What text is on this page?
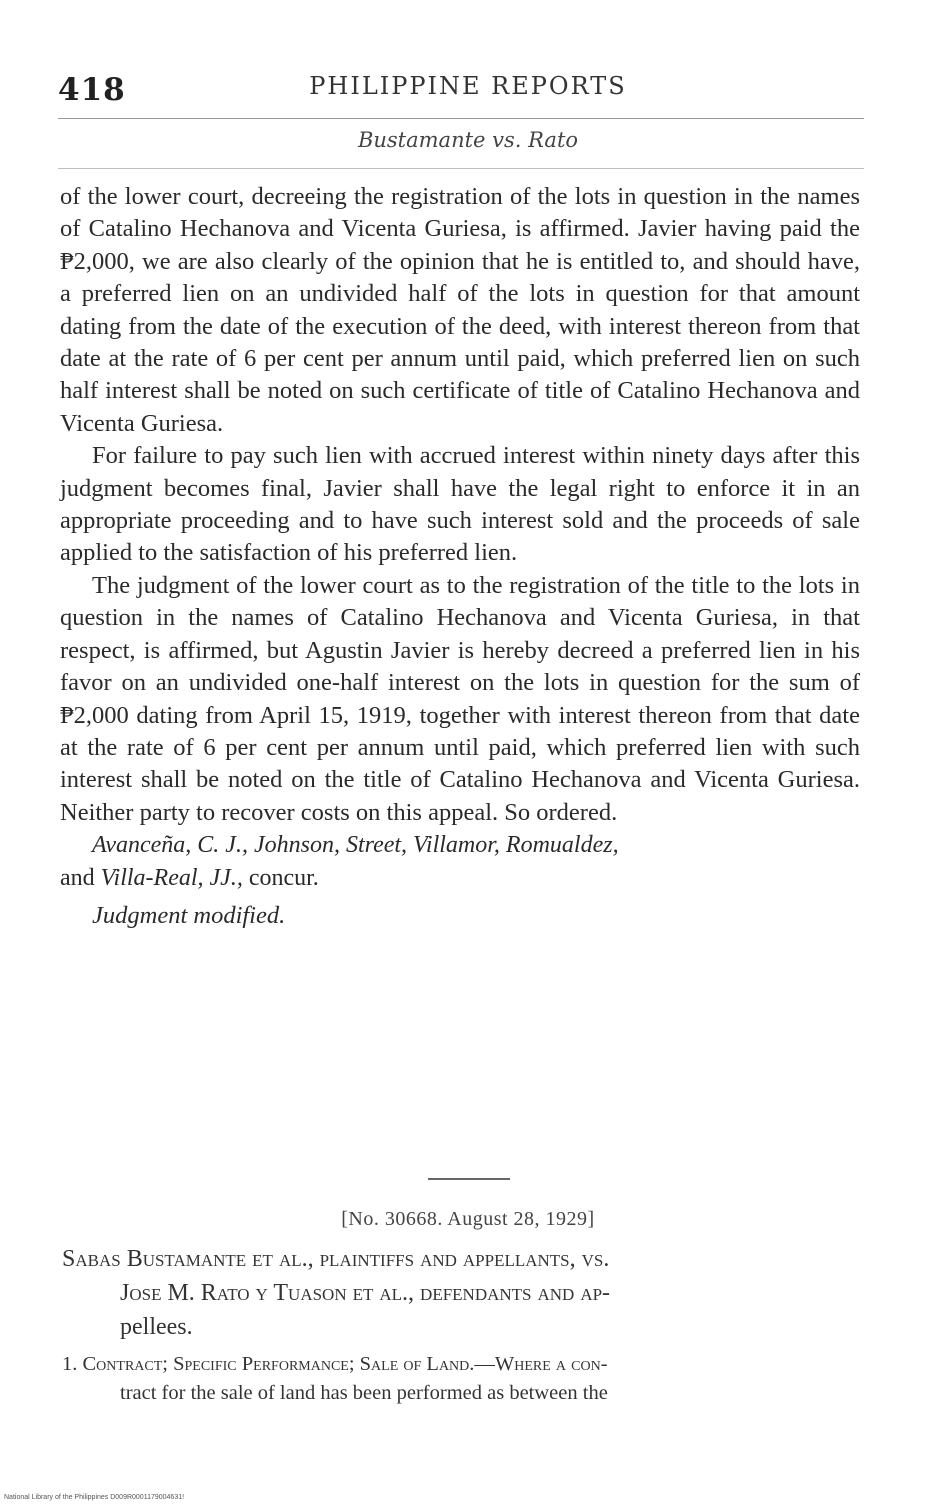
418	PHILIPPINE REPORTS
Bustamante vs. Rato

of the lower court, decreeing the registration of the lots in question in the names of Catalino Hechanova and Vicenta Guriesa, is affirmed. Javier having paid the ₱2,000, we are also clearly of the opinion that he is entitled to, and should have, a preferred lien on an undivided half of the lots in question for that amount dating from the date of the execution of the deed, with interest thereon from that date at the rate of 6 per cent per annum until paid, which preferred lien on such half interest shall be noted on such certificate of title of Catalino Hechanova and Vicenta Guriesa.

For failure to pay such lien with accrued interest within ninety days after this judgment becomes final, Javier shall have the legal right to enforce it in an appropriate proceeding and to have such interest sold and the proceeds of sale applied to the satisfaction of his preferred lien.

The judgment of the lower court as to the registration of the title to the lots in question in the names of Catalino Hechanova and Vicenta Guriesa, in that respect, is affirmed, but Agustin Javier is hereby decreed a preferred lien in his favor on an undivided one-half interest on the lots in question for the sum of ₱2,000 dating from April 15, 1919, together with interest thereon from that date at the rate of 6 per cent per annum until paid, which preferred lien with such interest shall be noted on the title of Catalino Hechanova and Vicenta Guriesa. Neither party to recover costs on this appeal. So ordered.

Avanceña, C. J., Johnson, Street, Villamor, Romualdez,
and Villa-Real, JJ., concur.

Judgment modified.

[No. 30668. August 28, 1929]
Sabas Bustamante et al., plaintiffs and appellants, vs.
Jose M. Rato y Tuason et al., defendants and ap-
pellees.
1. Contract; Specific Performance; Sale of Land.—Where a con-
tract for the sale of land has been performed as between the
National Library of the Philippines D009R0001179004631!
